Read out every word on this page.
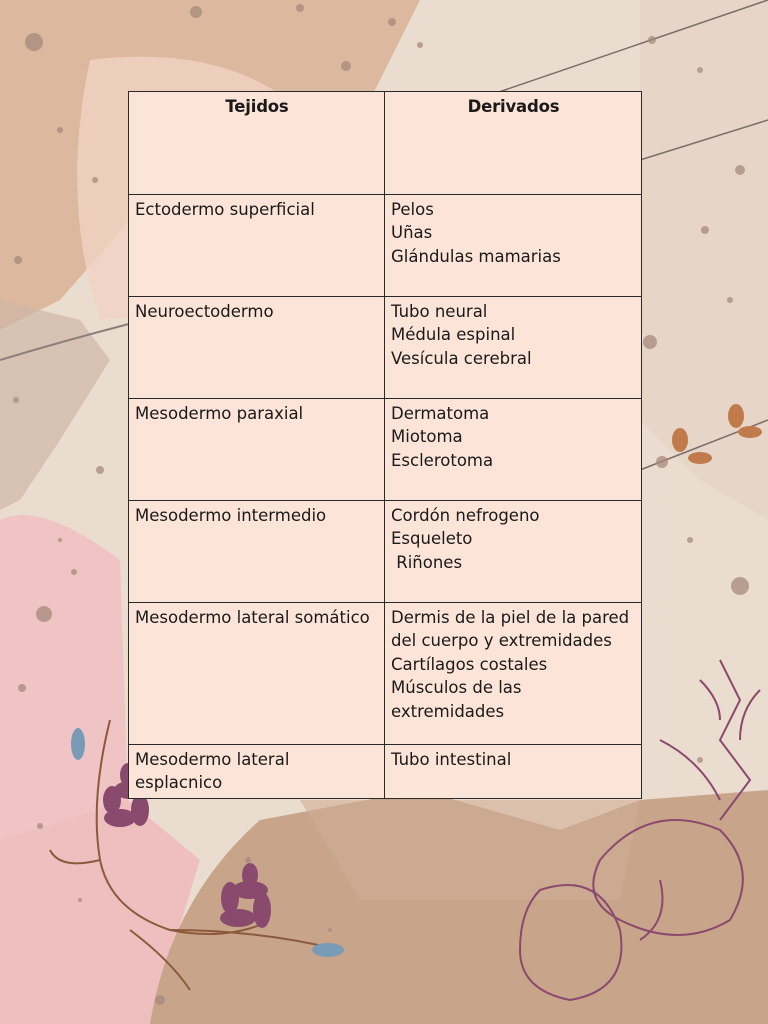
Tejidos	Derivados
Ectodermo superficial	Pelos
Uñas
Glándulas mamarias

Neuroectodermo	Tubo neural
Médula espinal
Vesícula cerebral

Mesodermo paraxial	Dermatoma
Miotoma
Esclerotoma

Mesodermo intermedio	Cordón nefrogeno
Esqueleto
Riñones

Mesodermo lateral somático	Dermis de la piel de la pared del cuerpo y extremidades
Cartílagos costales
Músculos de las extremidades

Mesodermo lateral esplacnico	Tubo intestinal
